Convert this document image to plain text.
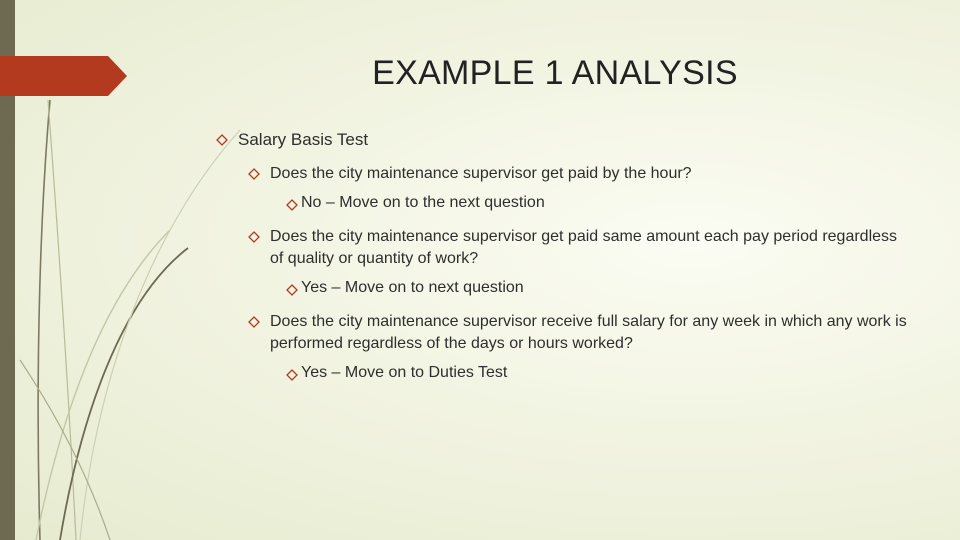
EXAMPLE 1 ANALYSIS
Salary Basis Test
Does the city maintenance supervisor get paid by the hour?
No – Move on to the next question
Does the city maintenance supervisor get paid same amount each pay period regardless of quality or quantity of work?
Yes – Move on to next question
Does the city maintenance supervisor receive full salary for any week in which any work is performed regardless of the days or hours worked?
Yes – Move on to Duties Test
